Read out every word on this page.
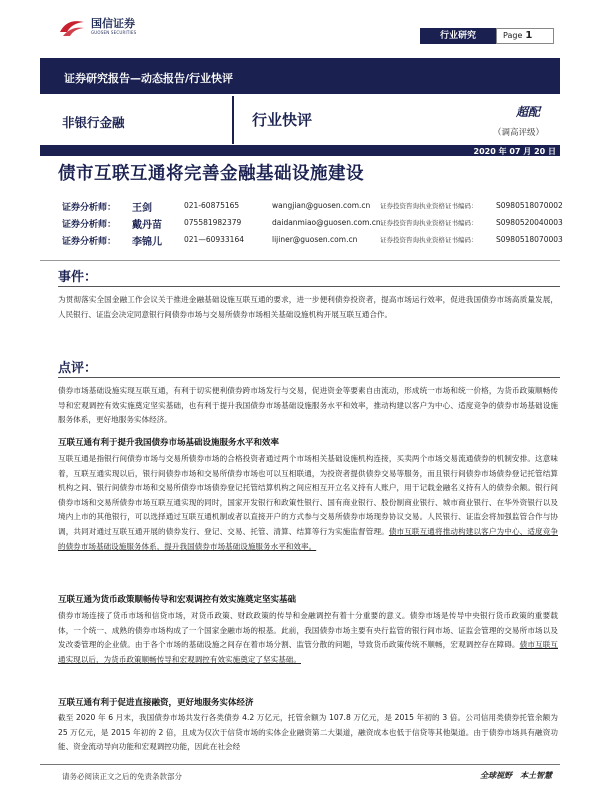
国信证券
GUOSEN SECURITIES	行业研究	Page 1
证券研究报告—动态报告/行业快评
非银行金融	行业快评	超配
（调高评级）
2020 年 07 月 20 日
债市互联互通将完善金融基础设施建设
证券分析师： 王剑	021-60875165	wangjian@guosen.com.cn 证券投资咨询执业资格证书编码： S0980518070002
证券分析师： 戴丹苗	075581982379	daidanmiao@guosen.com.cn 证券投资咨询执业资格证书编码： S0980520040003
证券分析师： 李锦儿	021—60933164	lijiner@guosen.com.cn	证券投资咨询执业资格证书编码： S0980518070003
事件：
为贯彻落实全国金融工作会议关于推进金融基础设施互联互通的要求，进一步便利债券投资者，提高市场运行效率，促进我国债券市场高质量发展，人民银行、证监会决定同意银行间债券市场与交易所债券市场相关基础设施机构开展互联互通合作。
点评：
债券市场基础设施实现互联互通，有利于切实便利债券跨市场发行与交易，促进资金等要素自由流动，形成统一市场和统一价格，为货币政策顺畅传导和宏观调控有效实施奠定坚实基础，也有利于提升我国债券市场基础设施服务水平和效率，推动构建以客户为中心、适度竞争的债券市场基础设施服务体系，更好地服务实体经济。
互联互通有利于提升我国债券市场基础设施服务水平和效率
互联互通是指银行间债券市场与交易所债券市场的合格投资者通过两个市场相关基础设施机构连接，买卖两个市场交易流通债券的机制安排。这意味着，互联互通实现以后，银行间债券市场和交易所债券市场也可以互相联通，为投资者提供债券交易等服务，而且银行间债券市场债券登记托管结算机构之间、银行间债券市场和交易所债券市场债券登记托管结算机构之间应相互开立名义持有人账户，用于记载金融名义持有人的债券余额。银行间债券市场和交易所债券市场互联互通实现的同时，国家开发银行和政策性银行、国有商业银行、股份制商业银行、城市商业银行、在华外资银行以及境内上市的其他银行，可以选择通过互联互通机制或者以直接开户的方式参与交易所债券市场现券协议交易。人民银行、证监会将加强监管合作与协调，共同对通过互联互通开展的债券发行、登记、交易、托管、清算、结算等行为实施监督管理。债市互联互通将推动构建以客户为中心、适度竞争的债券市场基础设施服务体系，提升我国债券市场基础设施服务水平和效率。
互联互通为货币政策顺畅传导和宏观调控有效实施奠定坚实基础
债券市场连接了货币市场和信贷市场，对货币政策、财政政策的传导和金融调控有着十分重要的意义。债券市场是传导中央银行货币政策的重要载体，一个统一、成熟的债券市场构成了一个国家金融市场的根基。此前，我国债券市场主要有央行监管的银行间市场、证监会管理的交易所市场以及发改委管理的企业债。由于各个市场的基础设施之间存在着市场分割、监管分散的问题，导致货币政策传统不顺畅，宏观调控存在障碍。债市互联互通实现以后，为货币政策顺畅传导和宏观调控有效实施奠定了坚实基础。
互联互通有利于促进直接融资，更好地服务实体经济
截至 2020 年 6 月末，我国债券市场共发行各类债券 4.2 万亿元，托管余额为 107.8 万亿元，是 2015 年初的 3 倍。公司信用类债券托管余额为 25 万亿元，是 2015 年初的 2 倍，且成为仅次于信贷市场的实体企业融资第二大渠道，融资成本也低于信贷等其他渠道。由于债券市场具有融资功能、资金流动导向功能和宏观调控功能，因此在社会经
请务必阅读正文之后的免责条款部分	全球视野　本土智慧
